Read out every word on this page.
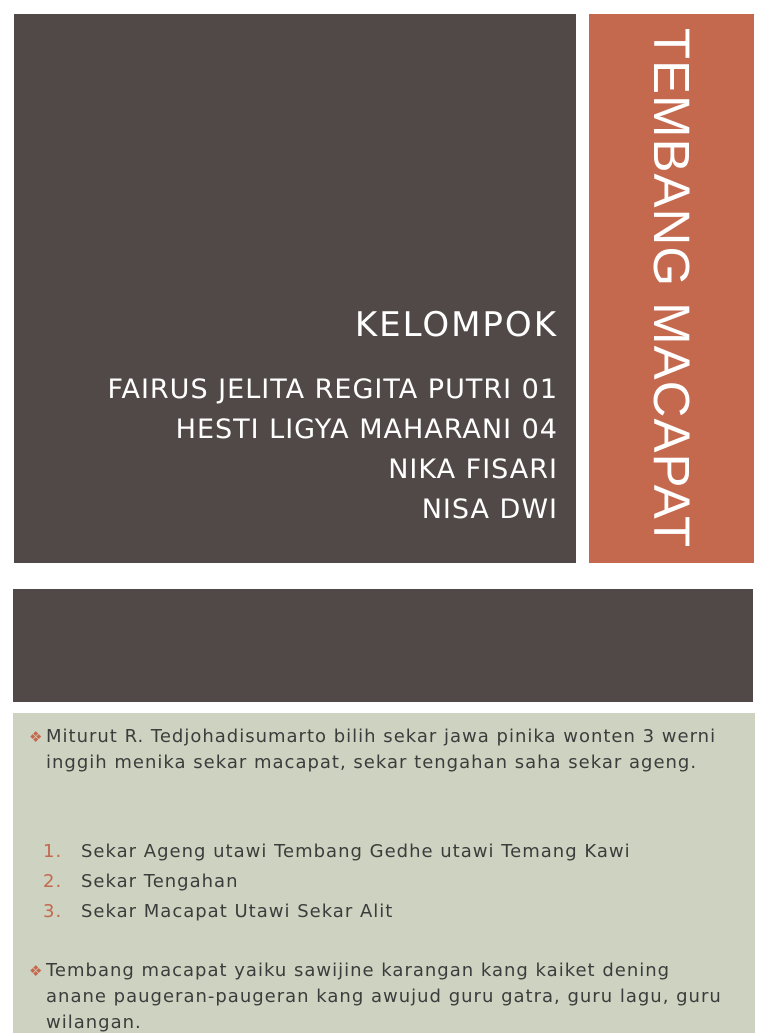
KELOMPOK
FAIRUS JELITA REGITA PUTRI 01
HESTI LIGYA MAHARANI 04
NIKA FISARI
NISA DWI TEMBANG MACAPAT
❖ Miturut R. Tedjohadisumarto bilih sekar jawa pinika wonten 3 werni inggih menika sekar macapat, sekar tengahan saha sekar ageng.
1. Sekar Ageng utawi Tembang Gedhe utawi Temang Kawi
2. Sekar Tengahan
3. Sekar Macapat Utawi Sekar Alit
❖ Tembang macapat yaiku sawijine karangan kang kaiket dening anane paugeran-paugeran kang awujud guru gatra, guru lagu, guru wilangan.
